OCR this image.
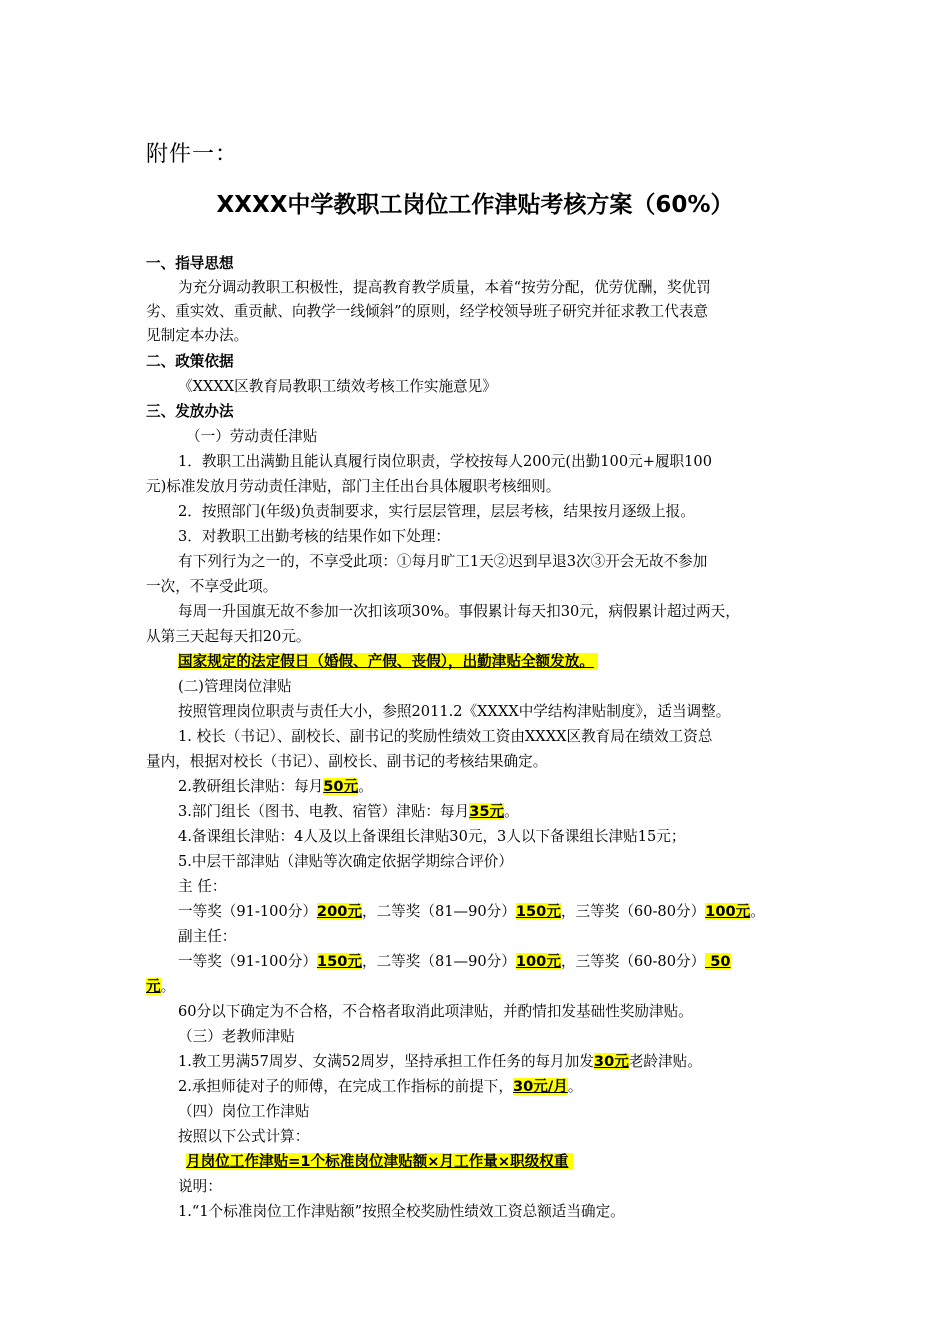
附件一：
XXXX中学教职工岗位工作津贴考核方案（60%）
一、指导思想
为充分调动教职工积极性，提高教育教学质量，本着“按劳分配，优劳优酬，奖优罚
劣、重实效、重贡献、向教学一线倾斜”的原则，经学校领导班子研究并征求教工代表意
见制定本办法。
二、政策依据
《XXXX区教育局教职工绩效考核工作实施意见》
三、发放办法
（一）劳动责任津贴
1．教职工出满勤且能认真履行岗位职责，学校按每人200元(出勤100元+履职100
元)标准发放月劳动责任津贴，部门主任出台具体履职考核细则。
2．按照部门(年级)负责制要求，实行层层管理，层层考核，结果按月逐级上报。
3．对教职工出勤考核的结果作如下处理：
有下列行为之一的，不享受此项：①每月旷工1天②迟到早退3次③开会无故不参加
一次，不享受此项。
每周一升国旗无故不参加一次扣该项30%。事假累计每天扣30元，病假累计超过两天，
从第三天起每天扣20元。
国家规定的法定假日（婚假、产假、丧假），出勤津贴全额发放。
(二)管理岗位津贴
按照管理岗位职责与责任大小，参照2011.2《XXXX中学结构津贴制度》，适当调整。
1. 校长（书记）、副校长、副书记的奖励性绩效工资由XXXX区教育局在绩效工资总
量内，根据对校长（书记）、副校长、副书记的考核结果确定。
2.教研组长津贴：每月50元。
3.部门组长（图书、电教、宿管）津贴：每月35元。
4.备课组长津贴：4人及以上备课组长津贴30元，3人以下备课组长津贴15元；
5.中层干部津贴（津贴等次确定依据学期综合评价）
主 任：
一等奖（91-100分）200元，二等奖（81—90分）150元，三等奖（60-80分）100元。
副主任：
一等奖（91-100分）150元，二等奖（81—90分）100元，三等奖（60-80分） 50
元。
60分以下确定为不合格，不合格者取消此项津贴，并酌情扣发基础性奖励津贴。
（三）老教师津贴
1.教工男满57周岁、女满52周岁，坚持承担工作任务的每月加发30元老龄津贴。
2.承担师徒对子的师傅，在完成工作指标的前提下，30元/月。
（四）岗位工作津贴
按照以下公式计算：
月岗位工作津贴=1个标准岗位津贴额×月工作量×职级权重
说明：
1.“1个标准岗位工作津贴额”按照全校奖励性绩效工资总额适当确定。
